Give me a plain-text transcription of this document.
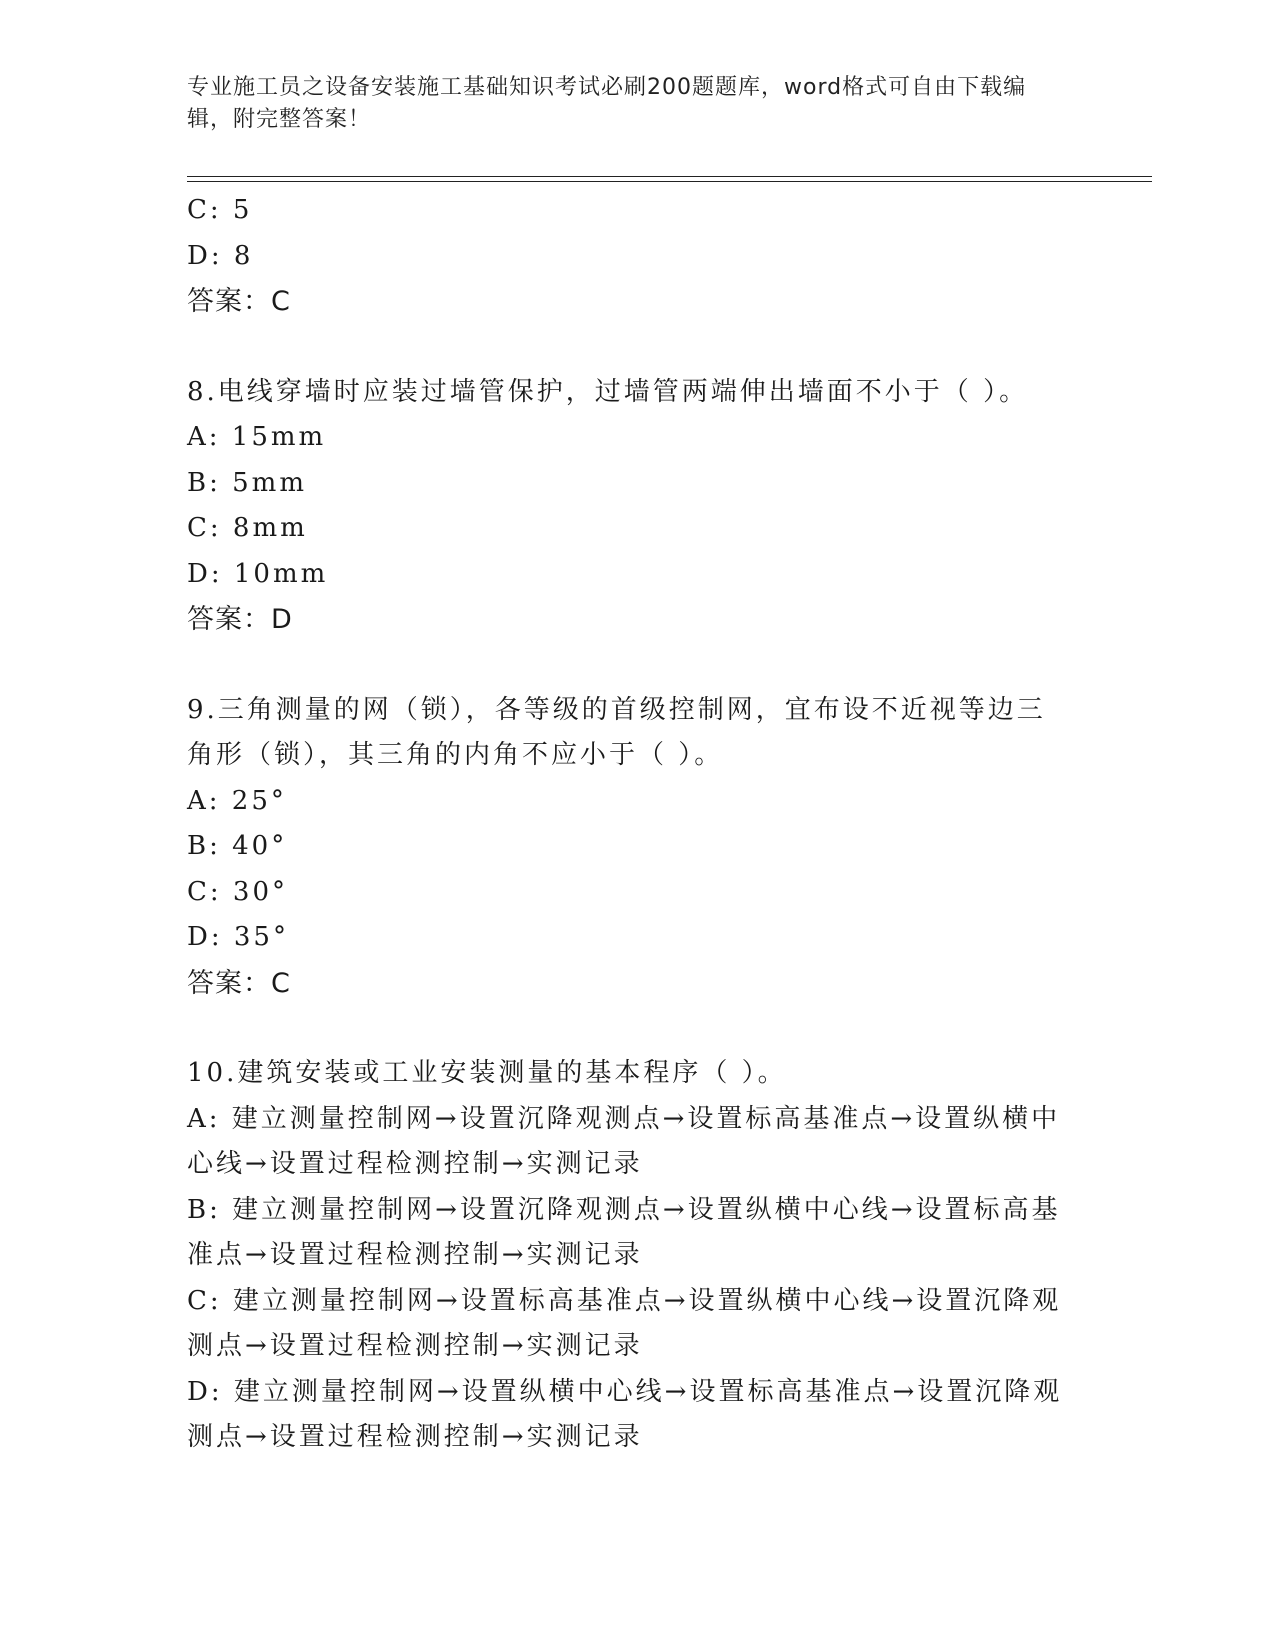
专业施工员之设备安装施工基础知识考试必刷200题题库，word格式可自由下载编辑，附完整答案！
C: 5
D: 8
答案：C
8.电线穿墙时应装过墙管保护，过墙管两端伸出墙面不小于（ ）。
A: 15mm
B: 5mm
C: 8mm
D: 10mm
答案：D
9.三角测量的网（锁），各等级的首级控制网，宜布设不近视等边三
角形（锁），其三角的内角不应小于（ ）。
A: 25°
B: 40°
C: 30°
D: 35°
答案：C
10.建筑安装或工业安装测量的基本程序（ ）。
A: 建立测量控制网→设置沉降观测点→设置标高基准点→设置纵横中
心线→设置过程检测控制→实测记录
B: 建立测量控制网→设置沉降观测点→设置纵横中心线→设置标高基
准点→设置过程检测控制→实测记录
C: 建立测量控制网→设置标高基准点→设置纵横中心线→设置沉降观
测点→设置过程检测控制→实测记录
D: 建立测量控制网→设置纵横中心线→设置标高基准点→设置沉降观
测点→设置过程检测控制→实测记录
